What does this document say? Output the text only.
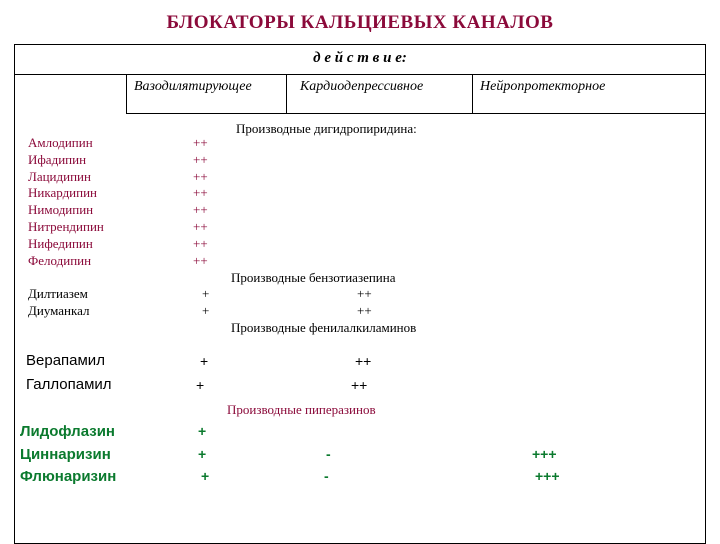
БЛОКАТОРЫ КАЛЬЦИЕВЫХ КАНАЛОВ
д е й с т в и е:
Вазодилятирующее	Кардиодепрессивное	Нейропротекторное
Производные дигидропиридина:
Амлодипин
Ифадипин
Лацидипин
Никардипин
Нимодипин
Нитрендипин
Нифедипин
Фелодипин
++
++
++
++
++
++
++
++
Производные бензотиазепина
Дилтиазем
Диуманкал
+
+
++
++
Производные фенилалкиламинов
Верапамил
Галлопамил
+
+
++
++
Производные пиперазинов
Лидофлазин
Циннаризин
Флюнаризин
+
+
+
-
-
+++
+++
